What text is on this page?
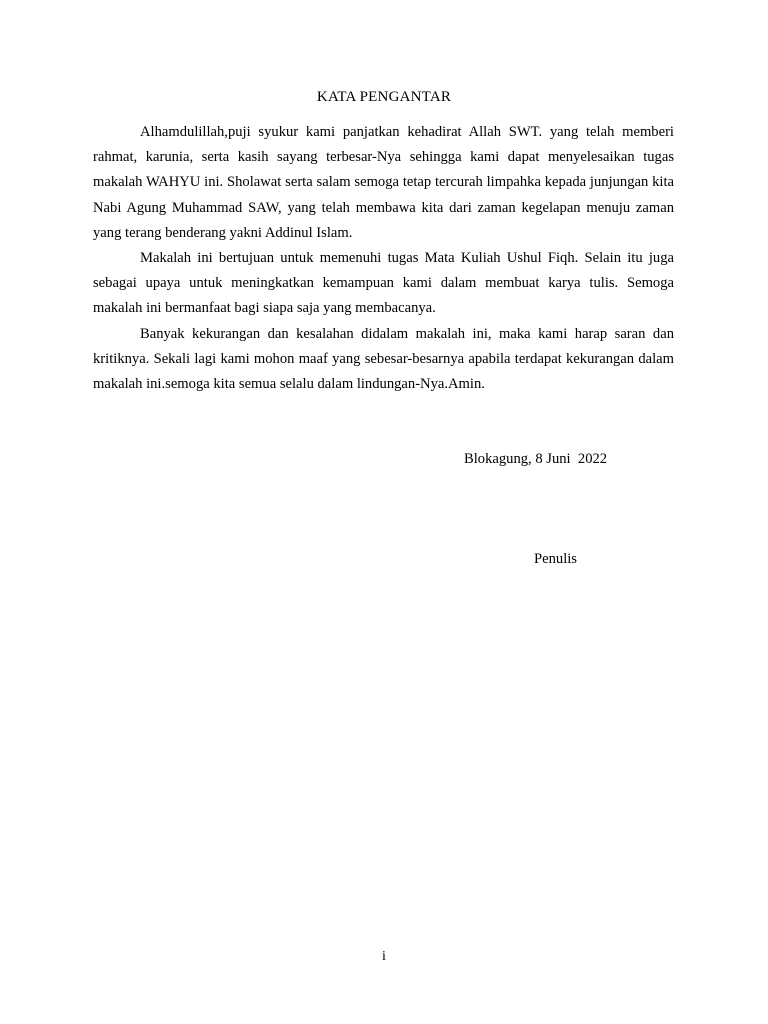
KATA PENGANTAR

Alhamdulillah,puji syukur kami panjatkan kehadirat Allah SWT. yang telah memberi rahmat, karunia, serta kasih sayang terbesar-Nya sehingga kami dapat menyelesaikan tugas makalah WAHYU ini. Sholawat serta salam semoga tetap tercurah limpahka kepada junjungan kita Nabi Agung Muhammad SAW, yang telah membawa kita dari zaman kegelapan menuju zaman yang terang benderang yakni Addinul Islam.

Makalah ini bertujuan untuk memenuhi tugas Mata Kuliah Ushul Fiqh. Selain itu juga sebagai upaya untuk meningkatkan kemampuan kami dalam membuat karya tulis. Semoga makalah ini bermanfaat bagi siapa saja yang membacanya.

Banyak kekurangan dan kesalahan didalam makalah ini, maka kami harap saran dan kritiknya. Sekali lagi kami mohon maaf yang sebesar-besarnya apabila terdapat kekurangan dalam makalah ini.semoga kita semua selalu dalam lindungan-Nya.Amin.

Blokagung, 8 Juni  2022
Penulis
i
